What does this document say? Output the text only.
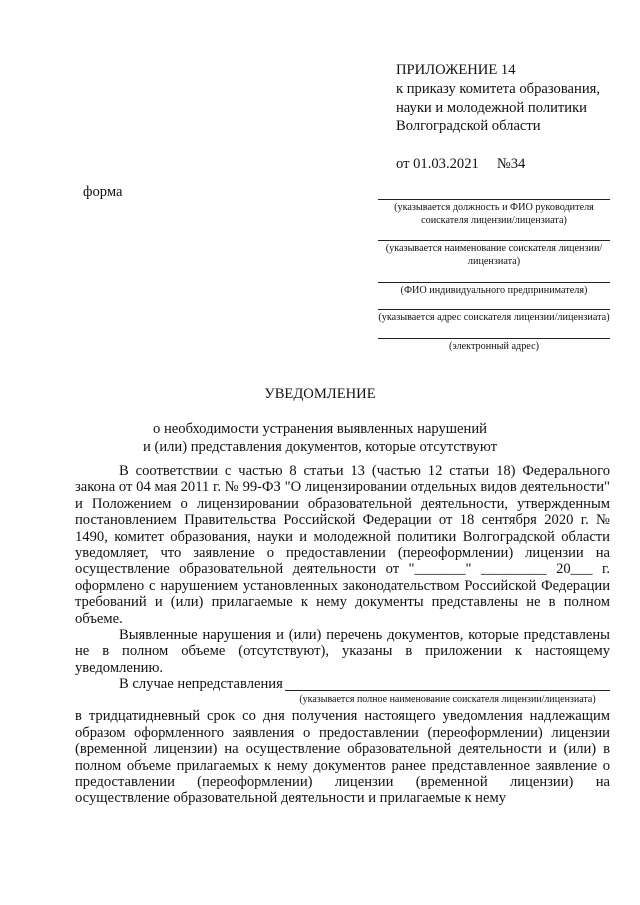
ПРИЛОЖЕНИЕ 14
к приказу комитета образования,
науки и молодежной политики
Волгоградской области
от 01.03.2021 №34
форма
(указывается должность и ФИО руководителя соискателя лицензии/лицензиата)
(указывается наименование соискателя лицензии/лицензиата)
(ФИО индивидуального предпринимателя)
(указывается адрес соискателя лицензии/лицензиата)
(электронный адрес)
УВЕДОМЛЕНИЕ
о необходимости устранения выявленных нарушений
и (или) представления документов, которые отсутствуют

В соответствии с частью 8 статьи 13 (частью 12 статьи 18) Федерального закона от 04 мая 2011 г. № 99-ФЗ "О лицензировании отдельных видов деятельности" и Положением о лицензировании образовательной деятельности, утвержденным постановлением Правительства Российской Федерации от 18 сентября 2020 г. № 1490, комитет образования, науки и молодежной политики Волгоградской области уведомляет, что заявление о предоставлении (переоформлении) лицензии на осуществление образовательной деятельности от "_______" _________ 20___ г. оформлено с нарушением установленных законодательством Российской Федерации требований и (или) прилагаемые к нему документы представлены не в полном объеме.

Выявленные нарушения и (или) перечень документов, которые представлены не в полном объеме (отсутствуют), указаны в приложении к настоящему уведомлению.

В случае непредставления
(указывается полное наименование соискателя лицензии/лицензиата)

в тридцатидневный срок со дня получения настоящего уведомления надлежащим образом оформленного заявления о предоставлении (переоформлении) лицензии (временной лицензии) на осуществление образовательной деятельности и (или) в полном объеме прилагаемых к нему документов ранее представленное заявление о предоставлении (переоформлении) лицензии (временной лицензии) на осуществление образовательной деятельности и прилагаемые к нему
